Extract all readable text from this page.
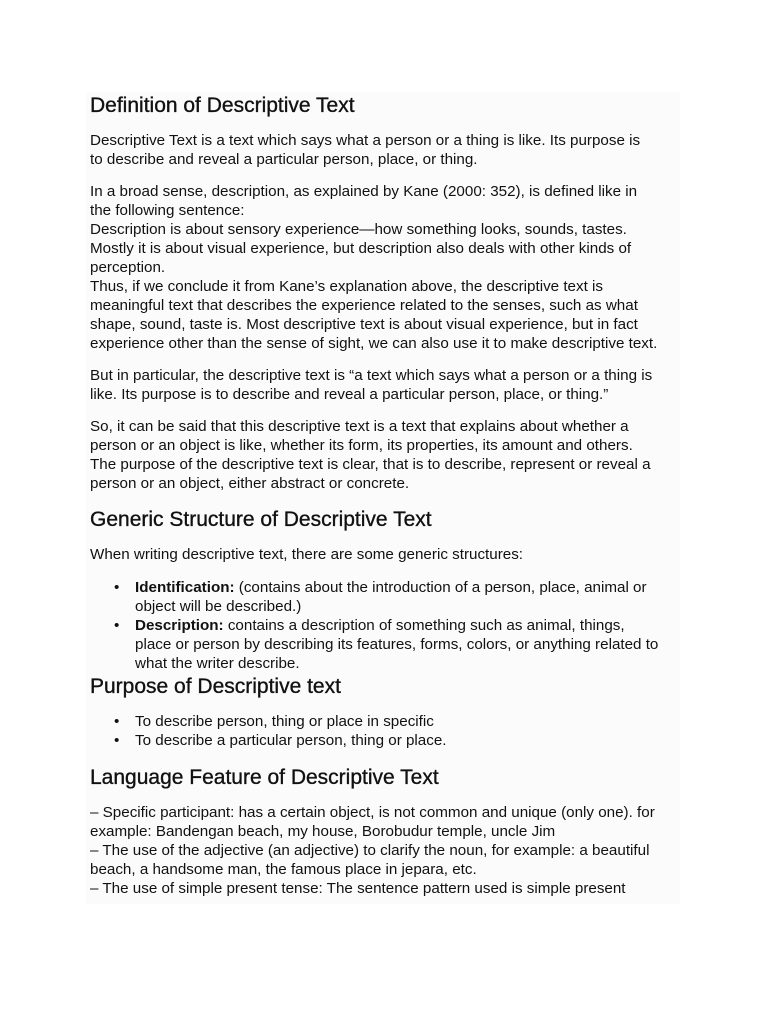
Definition of Descriptive Text

Descriptive Text is a text which says what a person or a thing is like. Its purpose is
to describe and reveal a particular person, place, or thing.

In a broad sense, description, as explained by Kane (2000: 352), is defined like in
the following sentence:
Description is about sensory experience—how something looks, sounds, tastes.
Mostly it is about visual experience, but description also deals with other kinds of
perception.
Thus, if we conclude it from Kane’s explanation above, the descriptive text is
meaningful text that describes the experience related to the senses, such as what
shape, sound, taste is. Most descriptive text is about visual experience, but in fact
experience other than the sense of sight, we can also use it to make descriptive text.

But in particular, the descriptive text is “a text which says what a person or a thing is
like. Its purpose is to describe and reveal a particular person, place, or thing.”

So, it can be said that this descriptive text is a text that explains about whether a
person or an object is like, whether its form, its properties, its amount and others.
The purpose of the descriptive text is clear, that is to describe, represent or reveal a
person or an object, either abstract or concrete.

Generic Structure of Descriptive Text

When writing descriptive text, there are some generic structures:

• Identification: (contains about the introduction of a person, place, animal or
object will be described.)
• Description: contains a description of something such as animal, things,
place or person by describing its features, forms, colors, or anything related to
what the writer describe.
Purpose of Descriptive text
• To describe person, thing or place in specific
• To describe a particular person, thing or place.
Language Feature of Descriptive Text

– Specific participant: has a certain object, is not common and unique (only one). for
example: Bandengan beach, my house, Borobudur temple, uncle Jim
– The use of the adjective (an adjective) to clarify the noun, for example: a beautiful
beach, a handsome man, the famous place in jepara, etc.
– The use of simple present tense: The sentence pattern used is simple present
